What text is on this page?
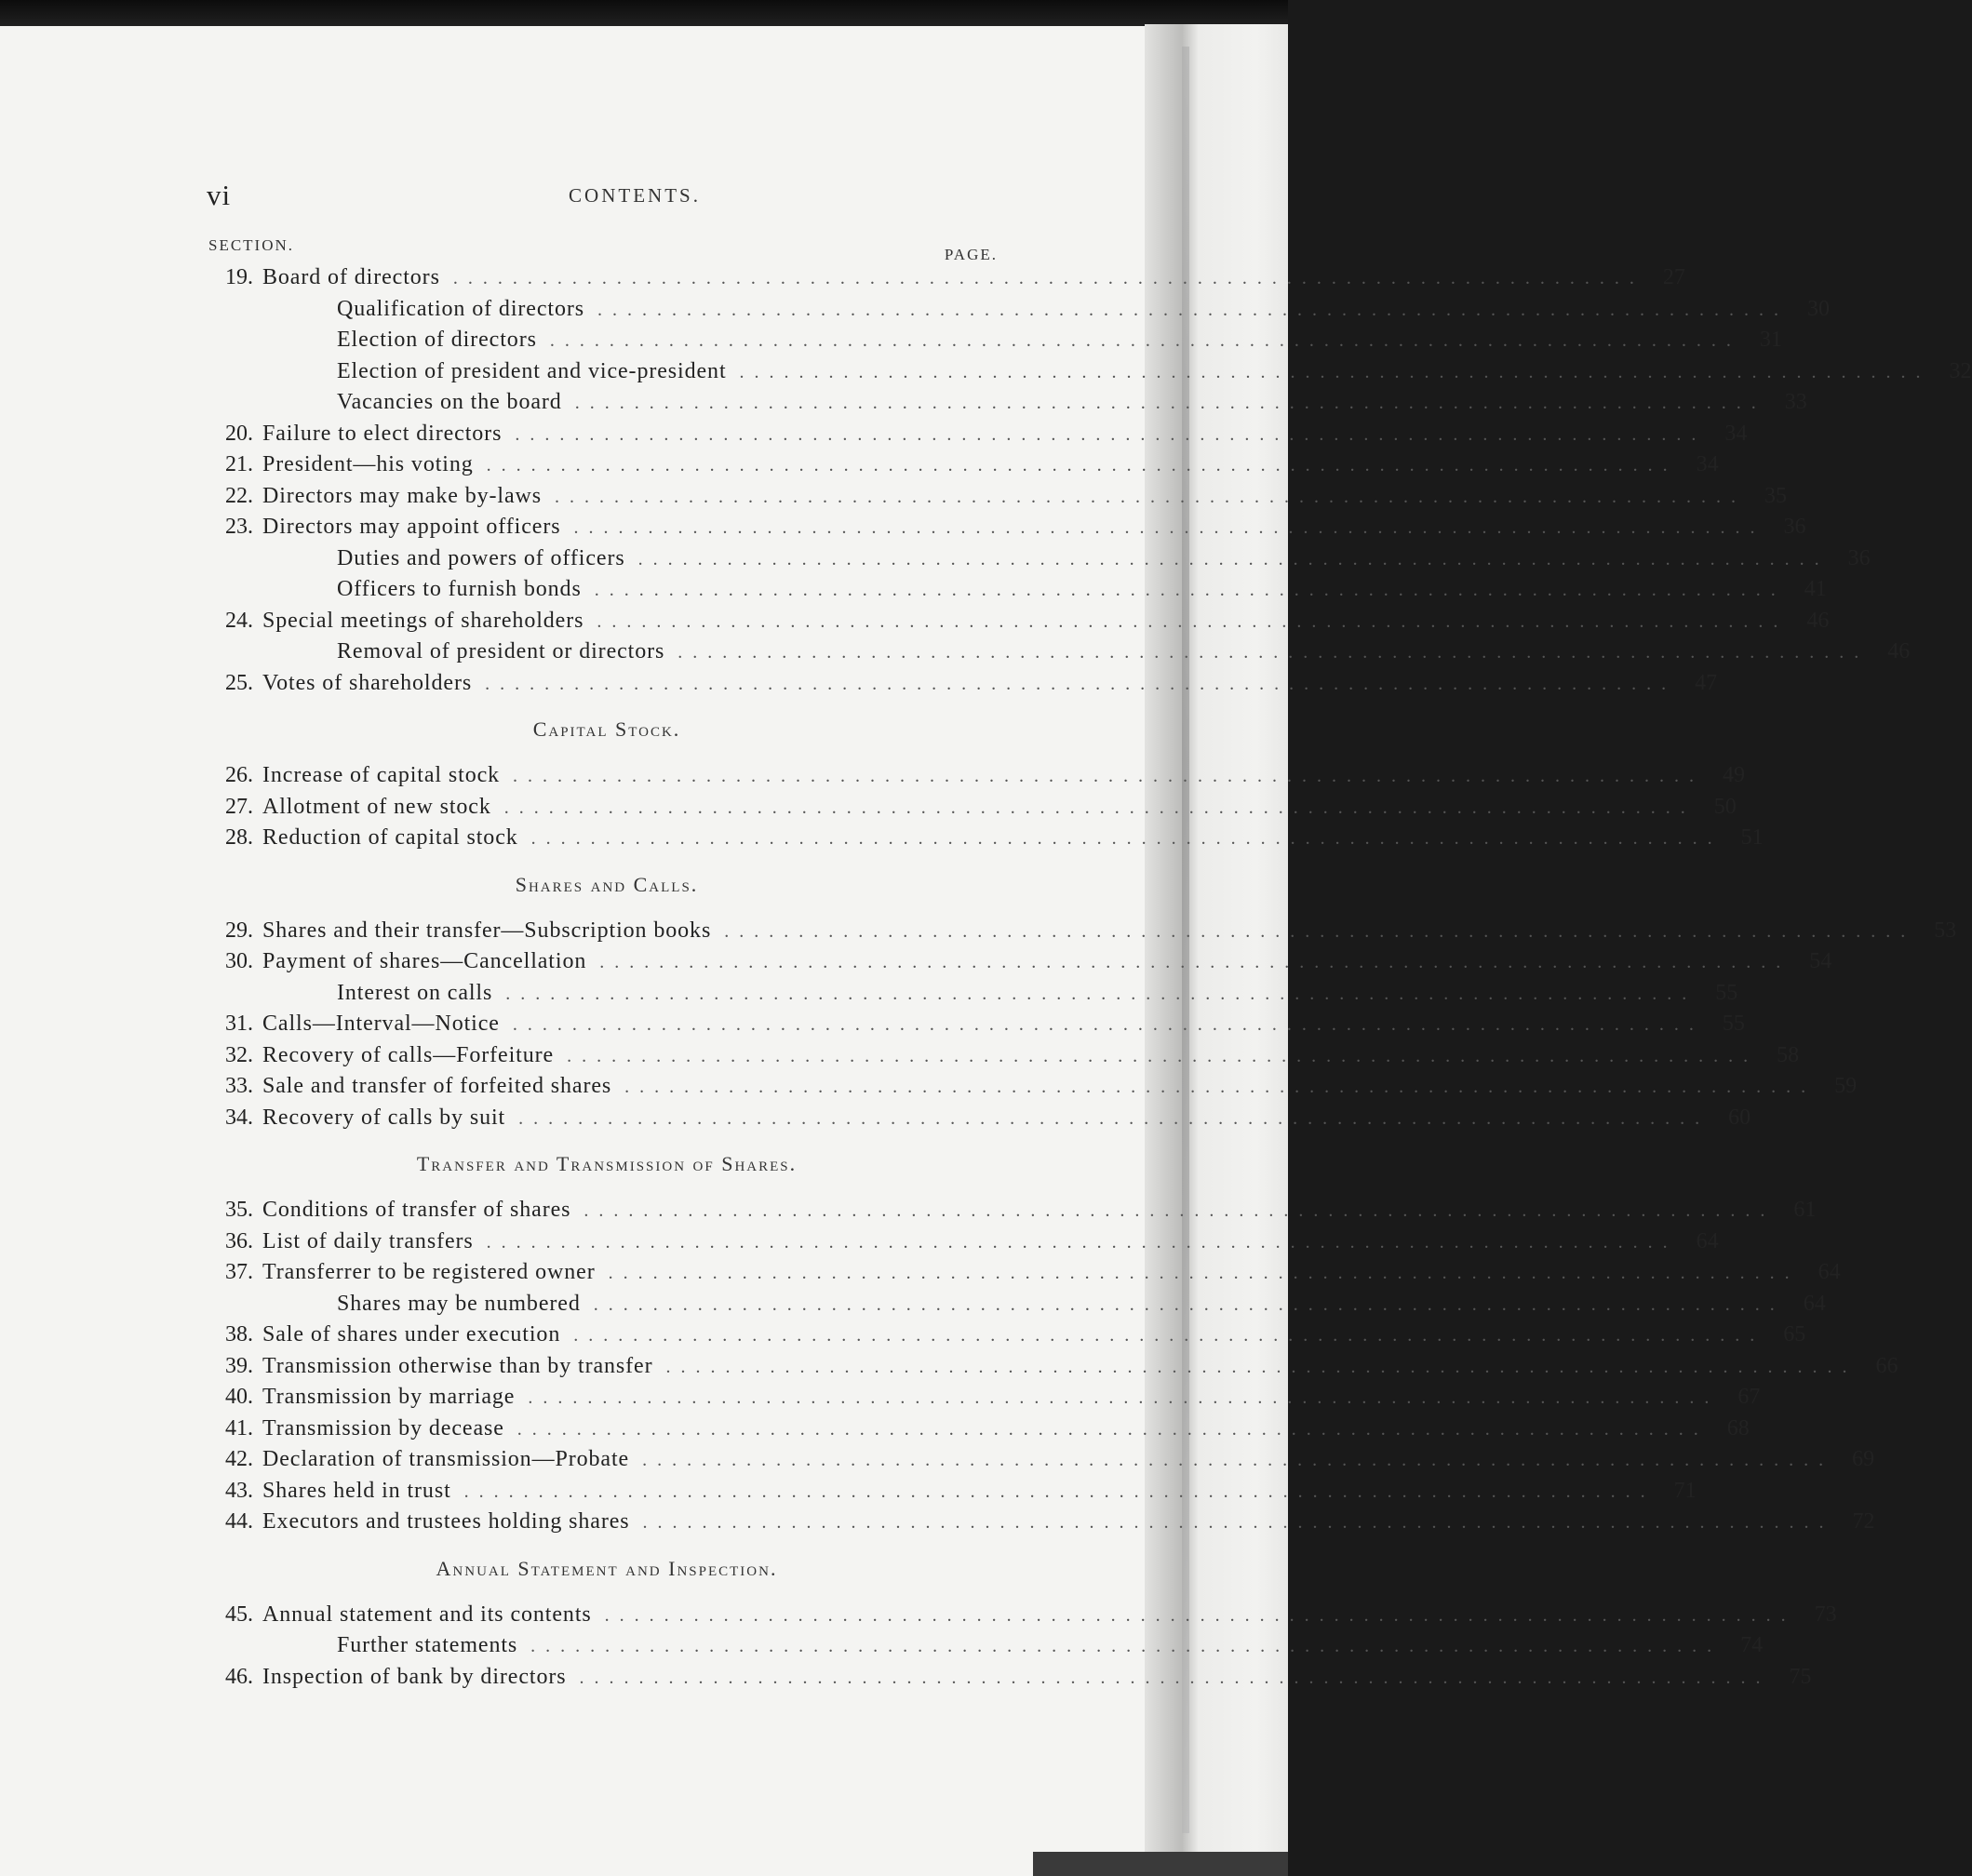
vi	CONTENTS.
SECTION.
PAGE.
19. Board of directors . . . . . . . . . . . . . . . . . . . . . . . . . . . . . . . . . . . . . . . . . . . . . . . . . . . . . . . . . . . . . . . . . . . . . . . . . . . . . . . .	27
Qualification of directors . . . . . . . . . . . . . . . . . . . . . . . . . . . . . . . . . . . . . . . . . . . . . . . . . . . . . . . . . . . . . . . . . . . . . . . . . . . . . . . .	30
Election of directors . . . . . . . . . . . . . . . . . . . . . . . . . . . . . . . . . . . . . . . . . . . . . . . . . . . . . . . . . . . . . . . . . . . . . . . . . . . . . . . .	31
Election of president and vice-president . . . . . . . . . . . . . . . . . . . . . . . . . . . . . . . . . . . . . . . . . . . . . . . . . . . . . . . . . . . . . . . . . . . . . . . . . . . . . . . .	32
Vacancies on the board . . . . . . . . . . . . . . . . . . . . . . . . . . . . . . . . . . . . . . . . . . . . . . . . . . . . . . . . . . . . . . . . . . . . . . . . . . . . . . . .	33
20. Failure to elect directors . . . . . . . . . . . . . . . . . . . . . . . . . . . . . . . . . . . . . . . . . . . . . . . . . . . . . . . . . . . . . . . . . . . . . . . . . . . . . . . .	34
21. President—his voting . . . . . . . . . . . . . . . . . . . . . . . . . . . . . . . . . . . . . . . . . . . . . . . . . . . . . . . . . . . . . . . . . . . . . . . . . . . . . . . .	34
22. Directors may make by-laws . . . . . . . . . . . . . . . . . . . . . . . . . . . . . . . . . . . . . . . . . . . . . . . . . . . . . . . . . . . . . . . . . . . . . . . . . . . . . . . .	35
23. Directors may appoint officers . . . . . . . . . . . . . . . . . . . . . . . . . . . . . . . . . . . . . . . . . . . . . . . . . . . . . . . . . . . . . . . . . . . . . . . . . . . . . . . .	36
Duties and powers of officers . . . . . . . . . . . . . . . . . . . . . . . . . . . . . . . . . . . . . . . . . . . . . . . . . . . . . . . . . . . . . . . . . . . . . . . . . . . . . . . .	36
Officers to furnish bonds . . . . . . . . . . . . . . . . . . . . . . . . . . . . . . . . . . . . . . . . . . . . . . . . . . . . . . . . . . . . . . . . . . . . . . . . . . . . . . . .	41
24. Special meetings of shareholders . . . . . . . . . . . . . . . . . . . . . . . . . . . . . . . . . . . . . . . . . . . . . . . . . . . . . . . . . . . . . . . . . . . . . . . . . . . . . . . .	46
Removal of president or directors . . . . . . . . . . . . . . . . . . . . . . . . . . . . . . . . . . . . . . . . . . . . . . . . . . . . . . . . . . . . . . . . . . . . . . . . . . . . . . . .	46
25. Votes of shareholders . . . . . . . . . . . . . . . . . . . . . . . . . . . . . . . . . . . . . . . . . . . . . . . . . . . . . . . . . . . . . . . . . . . . . . . . . . . . . . . .	47
Capital Stock.
26. Increase of capital stock . . . . . . . . . . . . . . . . . . . . . . . . . . . . . . . . . . . . . . . . . . . . . . . . . . . . . . . . . . . . . . . . . . . . . . . . . . . . . . . .	49
27. Allotment of new stock . . . . . . . . . . . . . . . . . . . . . . . . . . . . . . . . . . . . . . . . . . . . . . . . . . . . . . . . . . . . . . . . . . . . . . . . . . . . . . . .	50
28. Reduction of capital stock . . . . . . . . . . . . . . . . . . . . . . . . . . . . . . . . . . . . . . . . . . . . . . . . . . . . . . . . . . . . . . . . . . . . . . . . . . . . . . . .	51
Shares and Calls.
29. Shares and their transfer—Subscription books . . . . . . . . . . . . . . . . . . . . . . . . . . . . . . . . . . . . . . . . . . . . . . . . . . . . . . . . . . . . . . . . . . . . . . . . . . . . . . . .	53
30. Payment of shares—Cancellation . . . . . . . . . . . . . . . . . . . . . . . . . . . . . . . . . . . . . . . . . . . . . . . . . . . . . . . . . . . . . . . . . . . . . . . . . . . . . . . .	54
Interest on calls . . . . . . . . . . . . . . . . . . . . . . . . . . . . . . . . . . . . . . . . . . . . . . . . . . . . . . . . . . . . . . . . . . . . . . . . . . . . . . . .	55
31. Calls—Interval—Notice . . . . . . . . . . . . . . . . . . . . . . . . . . . . . . . . . . . . . . . . . . . . . . . . . . . . . . . . . . . . . . . . . . . . . . . . . . . . . . . .	55
32. Recovery of calls—Forfeiture . . . . . . . . . . . . . . . . . . . . . . . . . . . . . . . . . . . . . . . . . . . . . . . . . . . . . . . . . . . . . . . . . . . . . . . . . . . . . . . .	58
33. Sale and transfer of forfeited shares . . . . . . . . . . . . . . . . . . . . . . . . . . . . . . . . . . . . . . . . . . . . . . . . . . . . . . . . . . . . . . . . . . . . . . . . . . . . . . . .	59
34. Recovery of calls by suit . . . . . . . . . . . . . . . . . . . . . . . . . . . . . . . . . . . . . . . . . . . . . . . . . . . . . . . . . . . . . . . . . . . . . . . . . . . . . . . .	60
Transfer and Transmission of Shares.
35. Conditions of transfer of shares . . . . . . . . . . . . . . . . . . . . . . . . . . . . . . . . . . . . . . . . . . . . . . . . . . . . . . . . . . . . . . . . . . . . . . . . . . . . . . . .	61
36. List of daily transfers . . . . . . . . . . . . . . . . . . . . . . . . . . . . . . . . . . . . . . . . . . . . . . . . . . . . . . . . . . . . . . . . . . . . . . . . . . . . . . . .	64
37. Transferrer to be registered owner . . . . . . . . . . . . . . . . . . . . . . . . . . . . . . . . . . . . . . . . . . . . . . . . . . . . . . . . . . . . . . . . . . . . . . . . . . . . . . . .	64
Shares may be numbered . . . . . . . . . . . . . . . . . . . . . . . . . . . . . . . . . . . . . . . . . . . . . . . . . . . . . . . . . . . . . . . . . . . . . . . . . . . . . . . .	64
38. Sale of shares under execution . . . . . . . . . . . . . . . . . . . . . . . . . . . . . . . . . . . . . . . . . . . . . . . . . . . . . . . . . . . . . . . . . . . . . . . . . . . . . . . .	65
39. Transmission otherwise than by transfer . . . . . . . . . . . . . . . . . . . . . . . . . . . . . . . . . . . . . . . . . . . . . . . . . . . . . . . . . . . . . . . . . . . . . . . . . . . . . . . .	66
40. Transmission by marriage . . . . . . . . . . . . . . . . . . . . . . . . . . . . . . . . . . . . . . . . . . . . . . . . . . . . . . . . . . . . . . . . . . . . . . . . . . . . . . . .	67
41. Transmission by decease . . . . . . . . . . . . . . . . . . . . . . . . . . . . . . . . . . . . . . . . . . . . . . . . . . . . . . . . . . . . . . . . . . . . . . . . . . . . . . . .	68
42. Declaration of transmission—Probate . . . . . . . . . . . . . . . . . . . . . . . . . . . . . . . . . . . . . . . . . . . . . . . . . . . . . . . . . . . . . . . . . . . . . . . . . . . . . . . .	69
43. Shares held in trust . . . . . . . . . . . . . . . . . . . . . . . . . . . . . . . . . . . . . . . . . . . . . . . . . . . . . . . . . . . . . . . . . . . . . . . . . . . . . . . .	71
44. Executors and trustees holding shares . . . . . . . . . . . . . . . . . . . . . . . . . . . . . . . . . . . . . . . . . . . . . . . . . . . . . . . . . . . . . . . . . . . . . . . . . . . . . . . .	72
Annual Statement and Inspection.
45. Annual statement and its contents . . . . . . . . . . . . . . . . . . . . . . . . . . . . . . . . . . . . . . . . . . . . . . . . . . . . . . . . . . . . . . . . . . . . . . . . . . . . . . . .	73
Further statements . . . . . . . . . . . . . . . . . . . . . . . . . . . . . . . . . . . . . . . . . . . . . . . . . . . . . . . . . . . . . . . . . . . . . . . . . . . . . . . .	74
46. Inspection of bank by directors . . . . . . . . . . . . . . . . . . . . . . . . . . . . . . . . . . . . . . . . . . . . . . . . . . . . . . . . . . . . . . . . . . . . . . . . . . . . . . . .	75
